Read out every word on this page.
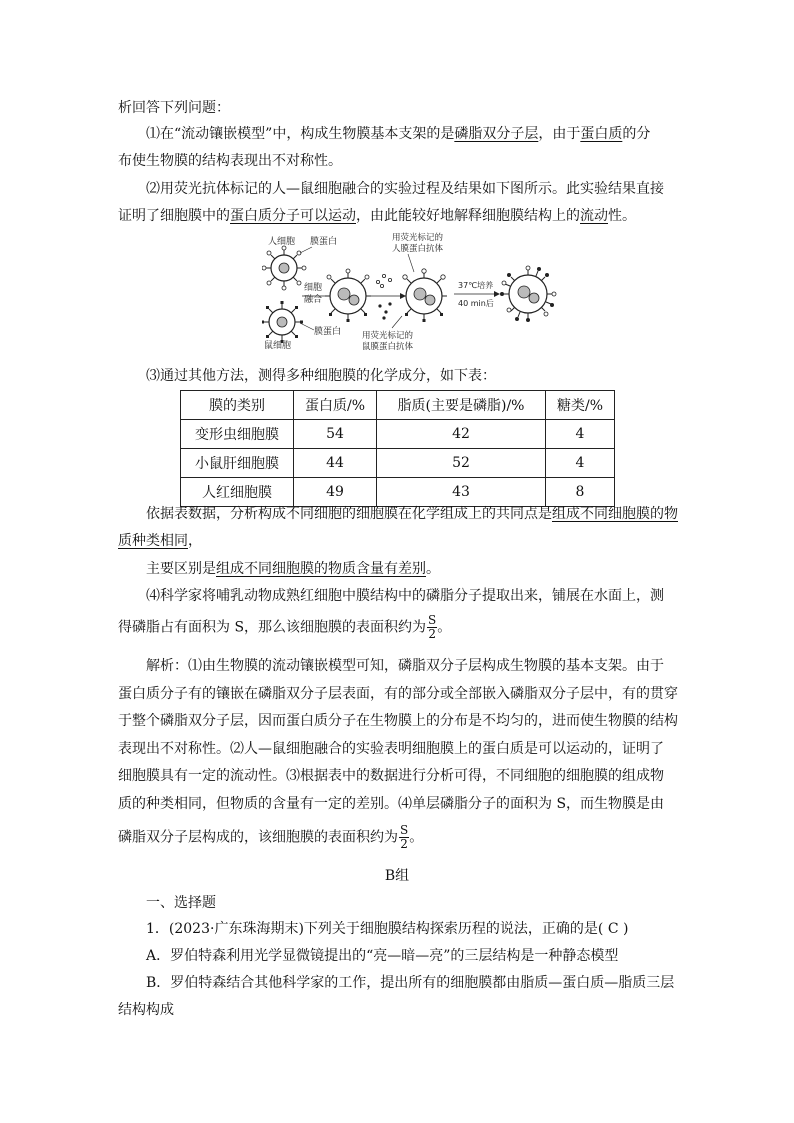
析回答下列问题：
⑴在“流动镶嵌模型”中，构成生物膜基本支架的是磷脂双分子层，由于蛋白质的分
布使生物膜的结构表现出不对称性。
⑵用荧光抗体标记的人—鼠细胞融合的实验过程及结果如下图所示。此实验结果直接
证明了细胞膜中的蛋白质分子可以运动，由此能较好地解释细胞膜结构上的流动性。
人细胞 膜蛋白
细胞
融合
鼠细胞
膜蛋白
用荧光标记的
人膜蛋白抗体
用荧光标记的
鼠膜蛋白抗体
37℃培养
40 min后
⑶通过其他方法，测得多种细胞膜的化学成分，如下表：
膜的类别	蛋白质/%	脂质(主要是磷脂)/%	糖类/%
变形虫细胞膜	54	42	4
小鼠肝细胞膜	44	52	4
人红细胞膜	49	43	8
依据表数据，分析构成不同细胞的细胞膜在化学组成上的共同点是组成不同细胞膜的物
质种类相同，
主要区别是组成不同细胞膜的物质含量有差别。
⑷科学家将哺乳动物成熟红细胞中膜结构中的磷脂分子提取出来，铺展在水面上，测
得磷脂占有面积为 S，那么该细胞膜的表面积约为 $\frac{S}{2}$ 。
解析：⑴由生物膜的流动镶嵌模型可知，磷脂双分子层构成生物膜的基本支架。由于
蛋白质分子有的镶嵌在磷脂双分子层表面，有的部分或全部嵌入磷脂双分子层中，有的贯穿
于整个磷脂双分子层，因而蛋白质分子在生物膜上的分布是不均匀的，进而使生物膜的结构
表现出不对称性。⑵人—鼠细胞融合的实验表明细胞膜上的蛋白质是可以运动的，证明了
细胞膜具有一定的流动性。⑶根据表中的数据进行分析可得，不同细胞的细胞膜的组成物
质的种类相同，但物质的含量有一定的差别。⑷单层磷脂分子的面积为 S，而生物膜是由
磷脂双分子层构成的，该细胞膜的表面积约为 $\frac{S}{2}$ 。
B组
一、选择题
1．(2023·广东珠海期末)下列关于细胞膜结构探索历程的说法，正确的是( C )
A．罗伯特森利用光学显微镜提出的“亮—暗—亮”的三层结构是一种静态模型
B．罗伯特森结合其他科学家的工作，提出所有的细胞膜都由脂质—蛋白质—脂质三层
结构构成
